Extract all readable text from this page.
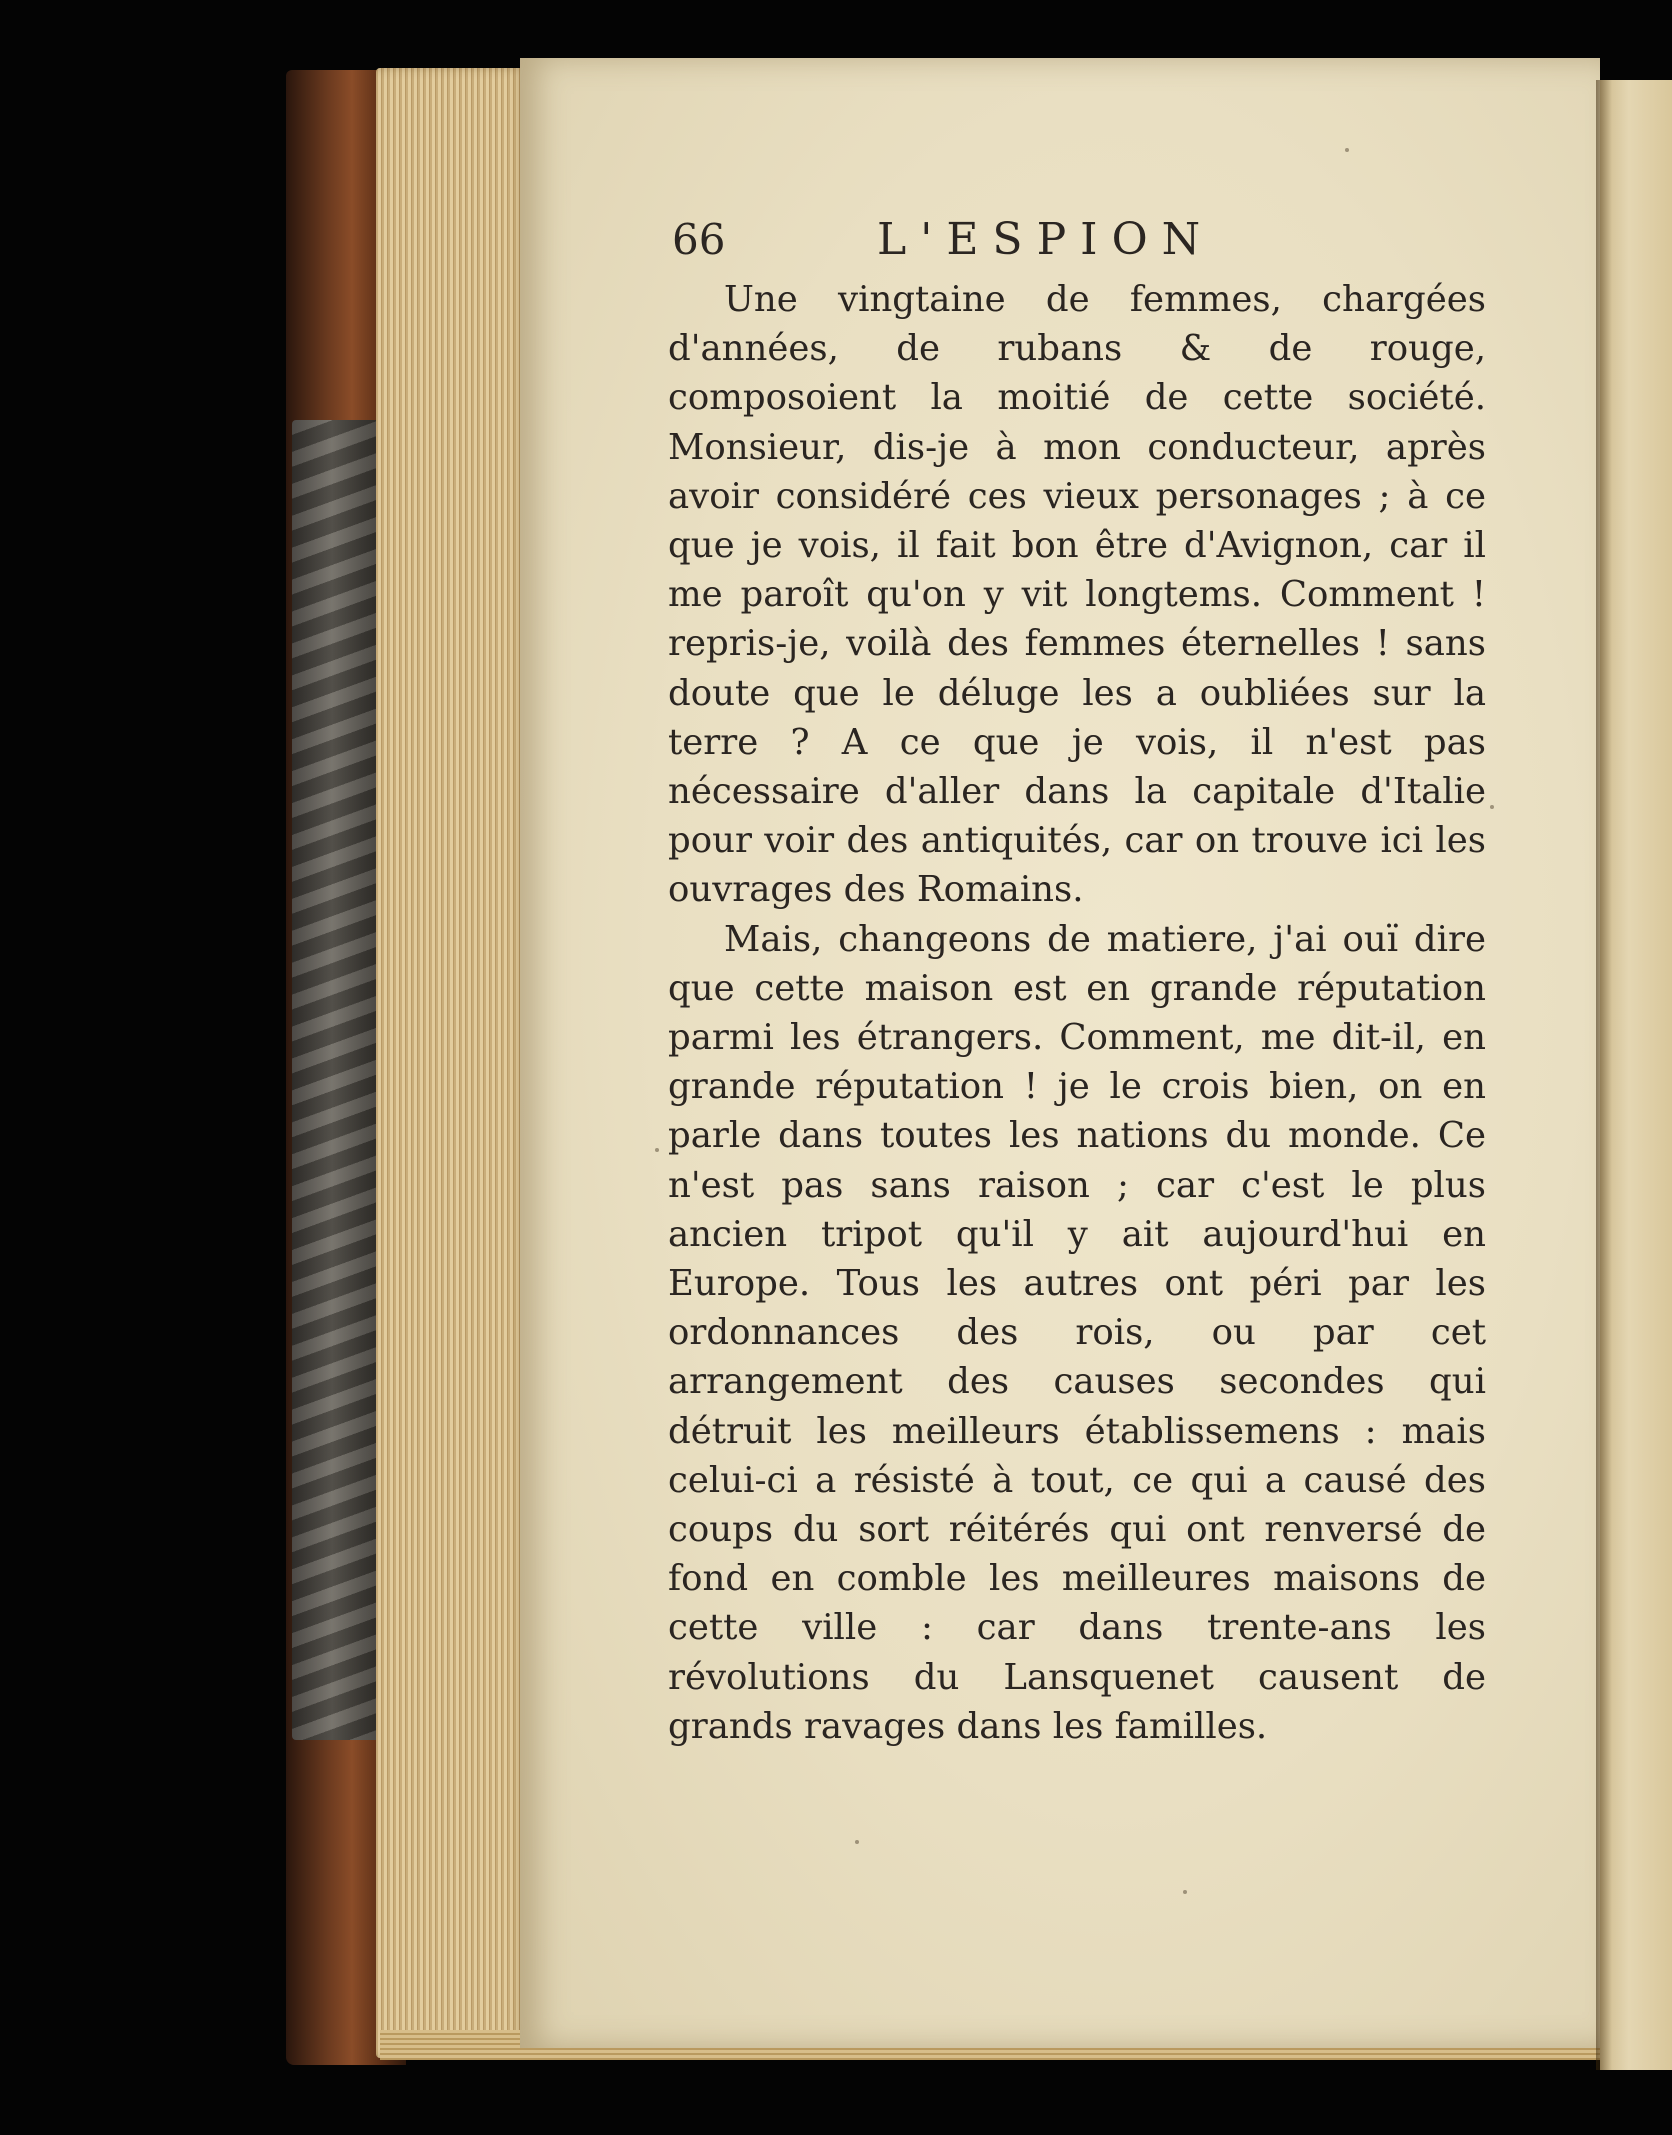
66	L'ESPION

Une vingtaine de femmes, chargées d'années, de rubans & de rouge, composoient la moitié de cette société. Monsieur, dis-je à mon conducteur, après avoir considéré ces vieux personages ; à ce que je vois, il fait bon être d'Avignon, car il me paroît qu'on y vit longtems. Comment ! repris-je, voilà des femmes éternelles ! sans doute que le déluge les a oubliées sur la terre ? A ce que je vois, il n'est pas nécessaire d'aller dans la capitale d'Italie pour voir des antiquités, car on trouve ici les ouvrages des Romains.

Mais, changeons de matiere, j'ai ouï dire que cette maison est en grande réputation parmi les étrangers. Comment, me dit-il, en grande réputation ! je le crois bien, on en parle dans toutes les nations du monde. Ce n'est pas sans raison ; car c'est le plus ancien tripot qu'il y ait aujourd'hui en Europe. Tous les autres ont péri par les ordonnances des rois, ou par cet arrangement des causes secondes qui détruit les meilleurs établissemens : mais celui-ci a résisté à tout, ce qui a causé des coups du sort réitérés qui ont renversé de fond en comble les meilleures maisons de cette ville : car dans trente-ans les révolutions du Lansquenet causent de grands ravages dans les familles.
